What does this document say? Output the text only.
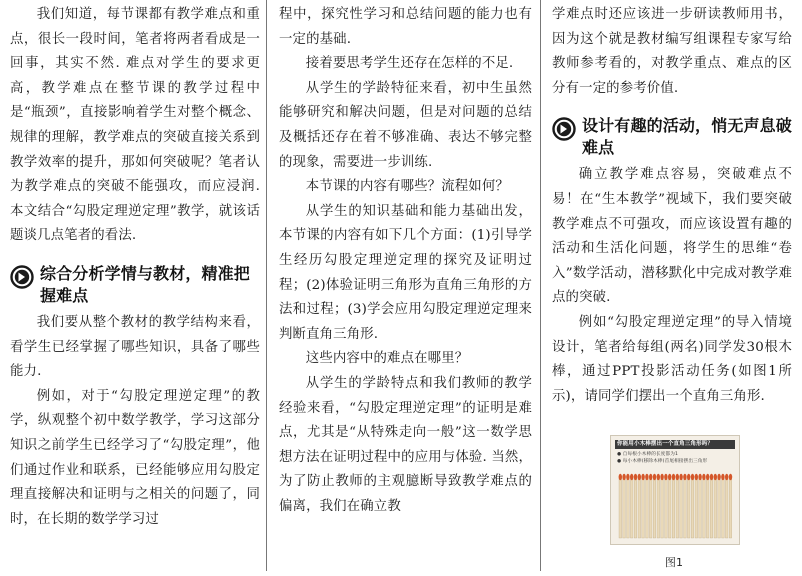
我们知道，每节课都有教学难点和重点，很长一段时间，笔者将两者看成是一回事，其实不然. 难点对学生的要求更高，教学难点在整节课的教学过程中是“瓶颈”，直接影响着学生对整个概念、规律的理解，教学难点的突破直接关系到教学效率的提升，那如何突破呢？笔者认为教学难点的突破不能强攻，而应浸润. 本文结合“勾股定理逆定理”教学，就该话题谈几点笔者的看法.

综合分析学情与教材，精准把握难点

我们要从整个教材的教学结构来看，看学生已经掌握了哪些知识，具备了哪些能力.

例如，对于“勾股定理逆定理”的教学，纵观整个初中数学教学，学习这部分知识之前学生已经学习了“勾股定理”，他们通过作业和联系，已经能够应用勾股定理直接解决和证明与之相关的问题了，同时，在长期的数学学习过

程中，探究性学习和总结问题的能力也有一定的基础.

接着要思考学生还存在怎样的不足.

从学生的学龄特征来看，初中生虽然能够研究和解决问题，但是对问题的总结及概括还存在着不够准确、表达不够完整的现象，需要进一步训练.

本节课的内容有哪些？流程如何？

从学生的知识基础和能力基础出发，本节课的内容有如下几个方面：(1)引导学生经历勾股定理逆定理的探究及证明过程；(2)体验证明三角形为直角三角形的方法和过程；(3)学会应用勾股定理逆定理来判断直角三角形.

这些内容中的难点在哪里？

从学生的学龄特点和我们教师的教学经验来看，“勾股定理逆定理”的证明是难点，尤其是“从特殊走向一般”这一数学思想方法在证明过程中的应用与体验. 当然，为了防止教师的主观臆断导致教学难点的偏离，我们在确立教

学难点时还应该进一步研读教师用书，因为这个就是教材编写组课程专家写给教师参考看的，对教学重点、难点的区分有一定的参考价值.

设计有趣的活动，悄无声息破难点

确立教学难点容易，突破难点不易！在“生本教学”视域下，我们要突破教学难点不可强攻，而应该设置有趣的活动和生活化问题，将学生的思维“卷入”数学活动，潜移默化中完成对教学难点的突破.

例如“勾股定理逆定理”的导入情境设计，笔者给每组(两名)同学发30根木棒，通过PPT投影活动任务(如图1所示)，请同学们摆出一个直角三角形.

你能用小木棒摆出一个直角三角形吗？
● 自每根小木棒的长度都为1
● 每小木棒(移除木棒)首尾相接摆出三角形
图1
